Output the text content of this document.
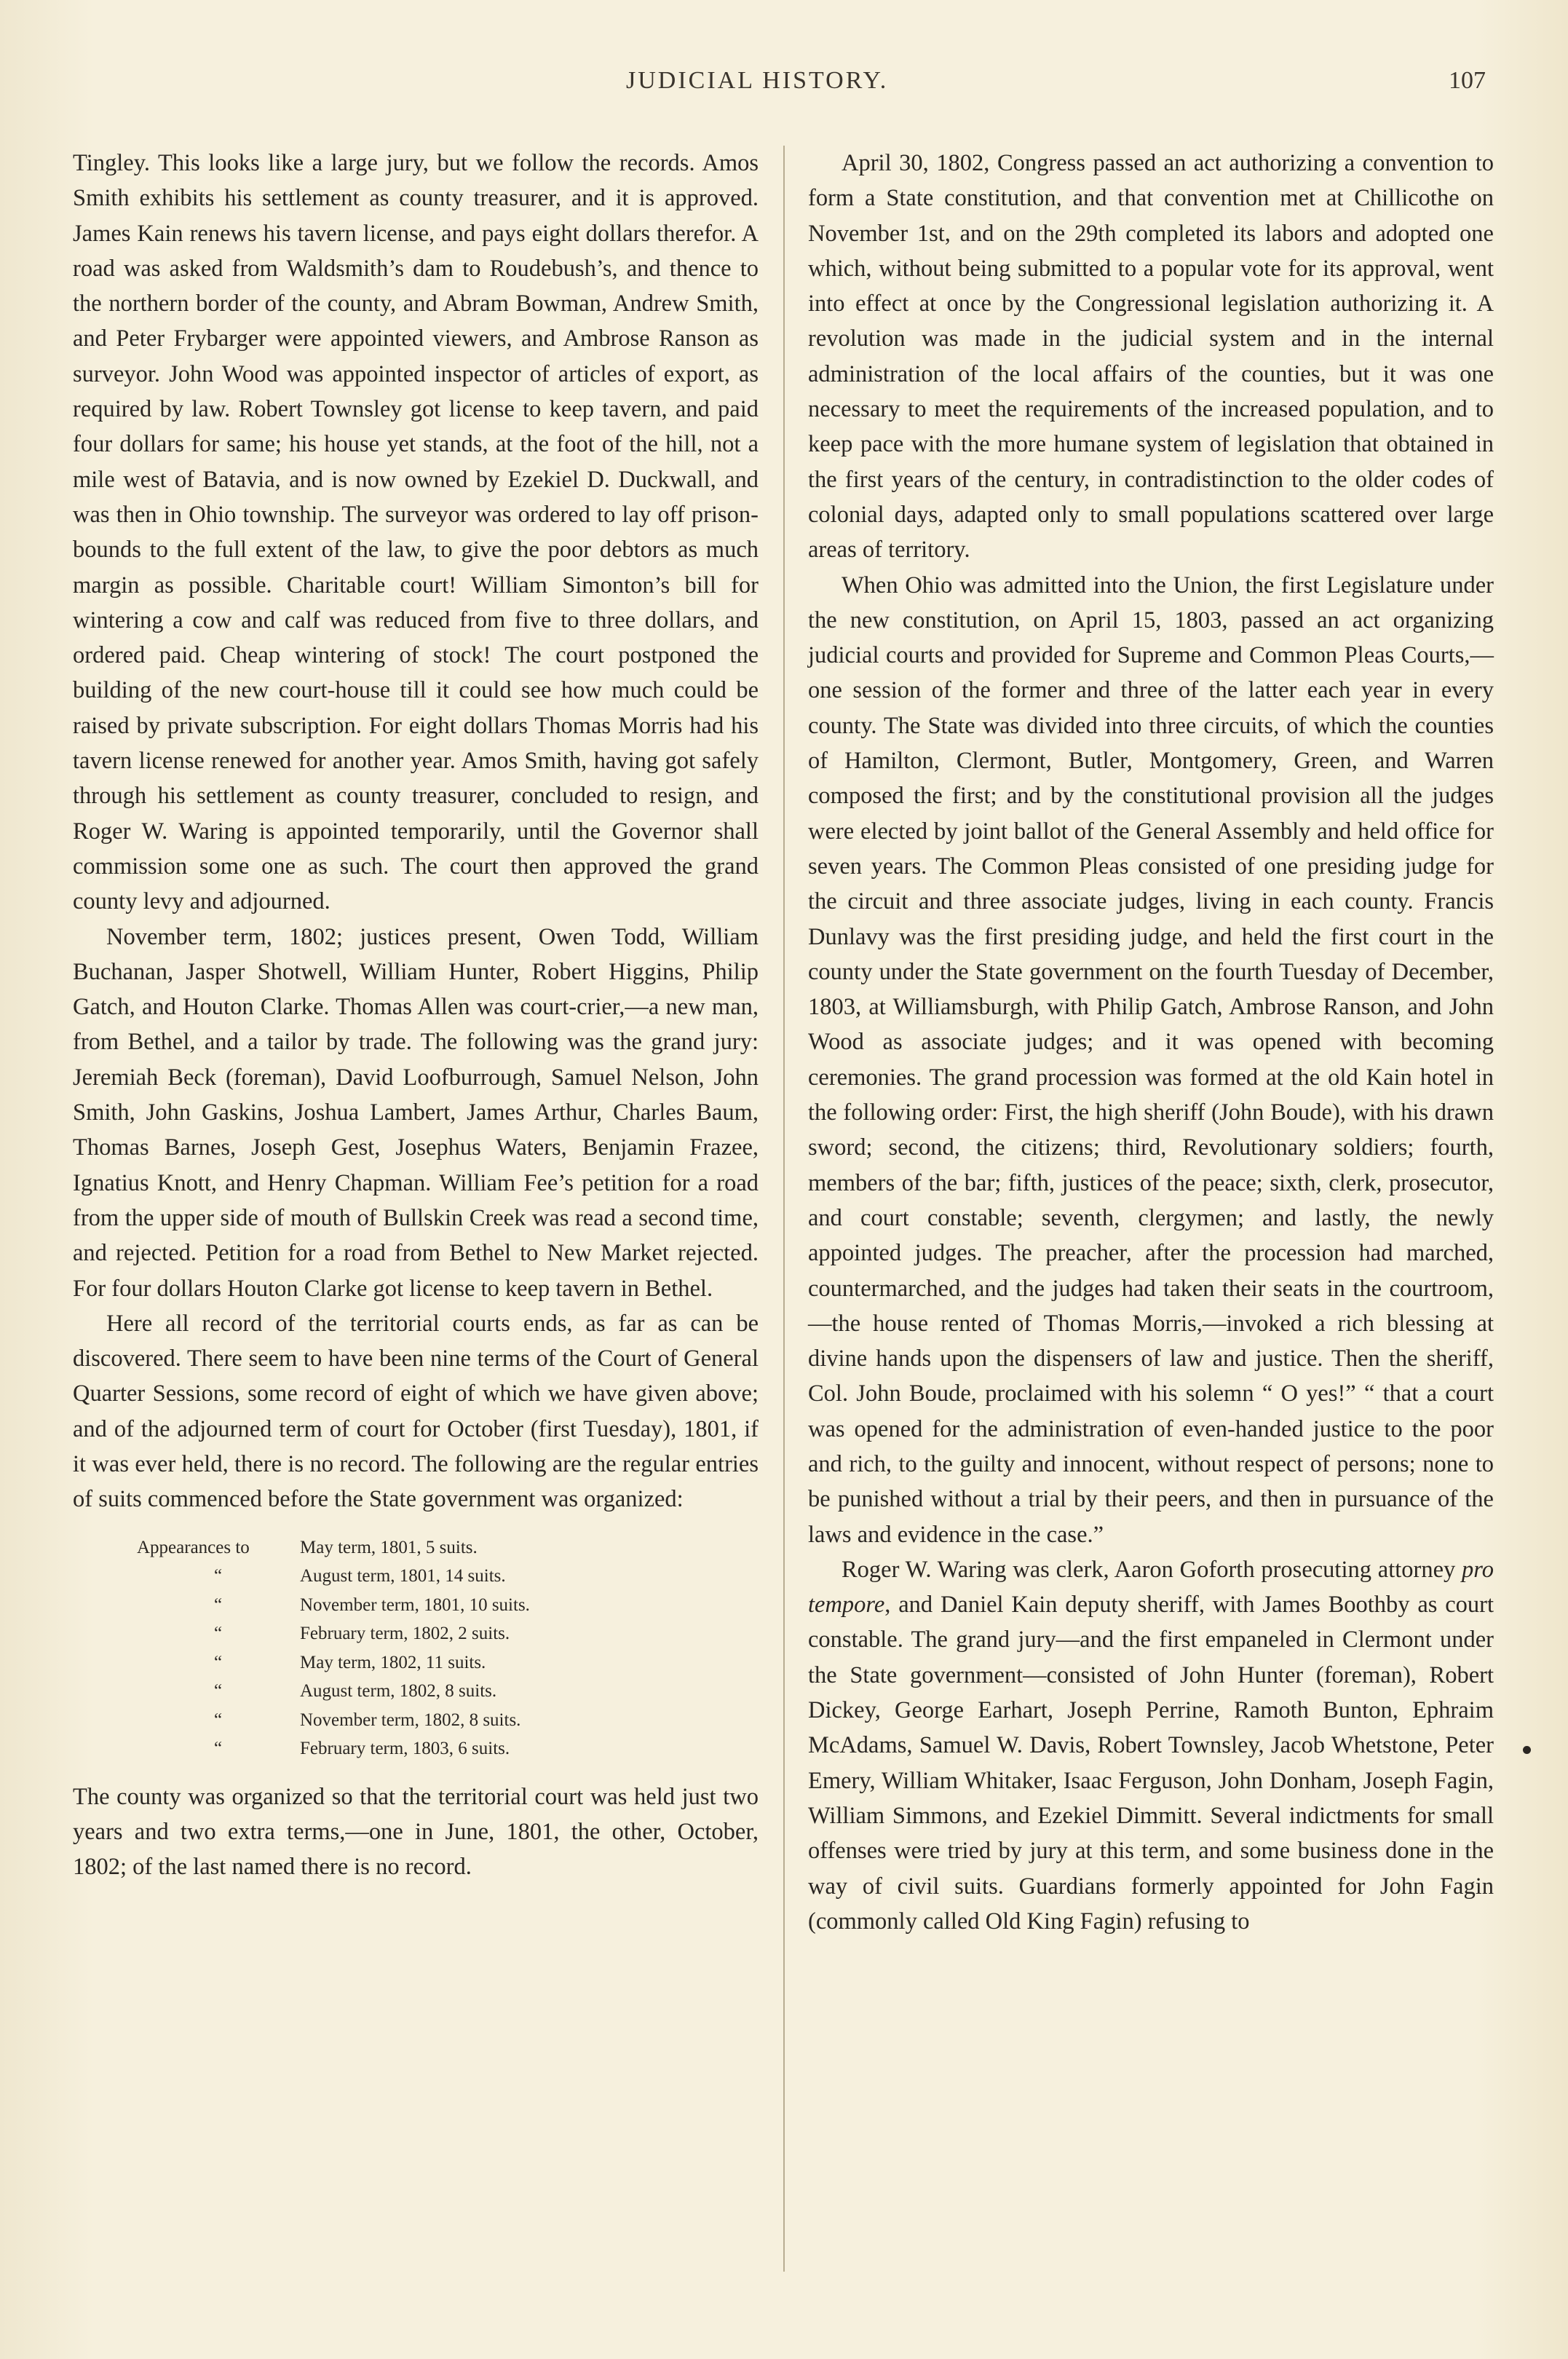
JUDICIAL HISTORY.	107

Tingley. This looks like a large jury, but we follow the records. Amos Smith exhibits his settlement as county treasurer, and it is approved. James Kain renews his tavern license, and pays eight dollars therefor. A road was asked from Waldsmith’s dam to Roudebush’s, and thence to the northern border of the county, and Abram Bowman, Andrew Smith, and Peter Frybarger were appointed viewers, and Ambrose Ranson as surveyor. John Wood was appointed inspector of articles of export, as required by law. Robert Townsley got license to keep tavern, and paid four dollars for same; his house yet stands, at the foot of the hill, not a mile west of Batavia, and is now owned by Ezekiel D. Duckwall, and was then in Ohio township. The surveyor was ordered to lay off prison-bounds to the full extent of the law, to give the poor debtors as much margin as possible. Charitable court! William Simonton’s bill for wintering a cow and calf was reduced from five to three dollars, and ordered paid. Cheap wintering of stock! The court postponed the building of the new court-house till it could see how much could be raised by private subscription. For eight dollars Thomas Morris had his tavern license renewed for another year. Amos Smith, having got safely through his settlement as county treasurer, concluded to resign, and Roger W. Waring is appointed temporarily, until the Governor shall commission some one as such. The court then approved the grand county levy and adjourned.

November term, 1802; justices present, Owen Todd, William Buchanan, Jasper Shotwell, William Hunter, Robert Higgins, Philip Gatch, and Houton Clarke. Thomas Allen was court-crier,—a new man, from Bethel, and a tailor by trade. The following was the grand jury: Jeremiah Beck (foreman), David Loofburrough, Samuel Nelson, John Smith, John Gaskins, Joshua Lambert, James Arthur, Charles Baum, Thomas Barnes, Joseph Gest, Josephus Waters, Benjamin Frazee, Ignatius Knott, and Henry Chapman. William Fee’s petition for a road from the upper side of mouth of Bullskin Creek was read a second time, and rejected. Petition for a road from Bethel to New Market rejected. For four dollars Houton Clarke got license to keep tavern in Bethel.

Here all record of the territorial courts ends, as far as can be discovered. There seem to have been nine terms of the Court of General Quarter Sessions, some record of eight of which we have given above; and of the adjourned term of court for October (first Tuesday), 1801, if it was ever held, there is no record. The following are the regular entries of suits commenced before the State government was organized:

Appearances to	May term, 1801, 5 suits.
“	August term, 1801, 14 suits.
“	November term, 1801, 10 suits.
“	February term, 1802, 2 suits.
“	May term, 1802, 11 suits.
“	August term, 1802, 8 suits.
“	November term, 1802, 8 suits.
“	February term, 1803, 6 suits.

The county was organized so that the territorial court was held just two years and two extra terms,—one in June, 1801, the other, October, 1802; of the last named there is no record.

April 30, 1802, Congress passed an act authorizing a convention to form a State constitution, and that convention met at Chillicothe on November 1st, and on the 29th completed its labors and adopted one which, without being submitted to a popular vote for its approval, went into effect at once by the Congressional legislation authorizing it. A revolution was made in the judicial system and in the internal administration of the local affairs of the counties, but it was one necessary to meet the requirements of the increased population, and to keep pace with the more humane system of legislation that obtained in the first years of the century, in contradistinction to the older codes of colonial days, adapted only to small populations scattered over large areas of territory.

When Ohio was admitted into the Union, the first Legislature under the new constitution, on April 15, 1803, passed an act organizing judicial courts and provided for Supreme and Common Pleas Courts,—one session of the former and three of the latter each year in every county. The State was divided into three circuits, of which the counties of Hamilton, Clermont, Butler, Montgomery, Green, and Warren composed the first; and by the constitutional provision all the judges were elected by joint ballot of the General Assembly and held office for seven years. The Common Pleas consisted of one presiding judge for the circuit and three associate judges, living in each county. Francis Dunlavy was the first presiding judge, and held the first court in the county under the State government on the fourth Tuesday of December, 1803, at Williamsburgh, with Philip Gatch, Ambrose Ranson, and John Wood as associate judges; and it was opened with becoming ceremonies. The grand procession was formed at the old Kain hotel in the following order: First, the high sheriff (John Boude), with his drawn sword; second, the citizens; third, Revolutionary soldiers; fourth, members of the bar; fifth, justices of the peace; sixth, clerk, prosecutor, and court constable; seventh, clergymen; and lastly, the newly appointed judges. The preacher, after the procession had marched, countermarched, and the judges had taken their seats in the courtroom,—the house rented of Thomas Morris,—invoked a rich blessing at divine hands upon the dispensers of law and justice. Then the sheriff, Col. John Boude, proclaimed with his solemn “ O yes!” “ that a court was opened for the administration of even-handed justice to the poor and rich, to the guilty and innocent, without respect of persons; none to be punished without a trial by their peers, and then in pursuance of the laws and evidence in the case.”

Roger W. Waring was clerk, Aaron Goforth prosecuting attorney pro tempore, and Daniel Kain deputy sheriff, with James Boothby as court constable. The grand jury—and the first empaneled in Clermont under the State government—consisted of John Hunter (foreman), Robert Dickey, George Earhart, Joseph Perrine, Ramoth Bunton, Ephraim McAdams, Samuel W. Davis, Robert Townsley, Jacob Whetstone, Peter Emery, William Whitaker, Isaac Ferguson, John Donham, Joseph Fagin, William Simmons, and Ezekiel Dimmitt. Several indictments for small offenses were tried by jury at this term, and some business done in the way of civil suits. Guardians formerly appointed for John Fagin (commonly called Old King Fagin) refusing to
